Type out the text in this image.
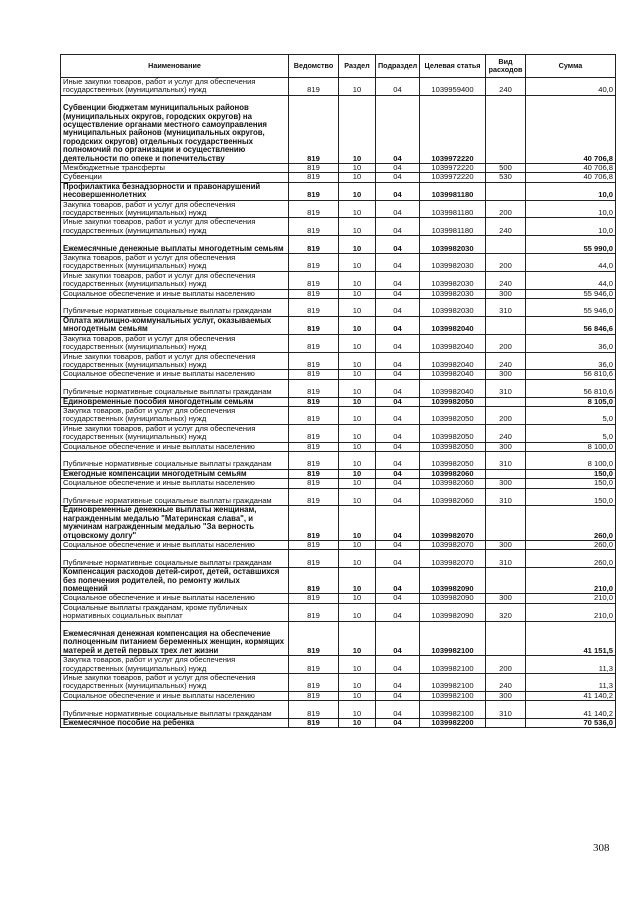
Наименование	Ведомство	Раздел	Подраздел	Целевая статья	Вид расходов	Сумма
Иные закупки товаров, работ и услуг для обеспечения государственных (муниципальных) нужд	819	10	04	1039959400	240	40,0
Субвенции бюджетам муниципальных районов (муниципальных округов, городских округов) на осуществление органами местного самоуправления муниципальных районов (муниципальных округов, городских округов) отдельных государственных полномочий по организации и осуществлению деятельности по опеке и попечительству	819	10	04	1039972220		40 706,8
Межбюджетные трансферты	819	10	04	1039972220	500	40 706,8
Субвенции	819	10	04	1039972220	530	40 706,8
Профилактика безнадзорности и правонарушений несовершеннолетних	819	10	04	1039981180		10,0
Закупка товаров, работ и услуг для обеспечения государственных (муниципальных) нужд	819	10	04	1039981180	200	10,0
Иные закупки товаров, работ и услуг для обеспечения государственных (муниципальных) нужд	819	10	04	1039981180	240	10,0
Ежемесячные денежные выплаты многодетным семьям	819	10	04	1039982030		55 990,0
Закупка товаров, работ и услуг для обеспечения государственных (муниципальных) нужд	819	10	04	1039982030	200	44,0
Иные закупки товаров, работ и услуг для обеспечения государственных (муниципальных) нужд	819	10	04	1039982030	240	44,0
Социальное обеспечение и иные выплаты населению	819	10	04	1039982030	300	55 946,0
Публичные нормативные социальные выплаты гражданам	819	10	04	1039982030	310	55 946,0
Оплата жилищно-коммунальных услуг, оказываемых многодетным семьям	819	10	04	1039982040		56 846,6
Закупка товаров, работ и услуг для обеспечения государственных (муниципальных) нужд	819	10	04	1039982040	200	36,0
Иные закупки товаров, работ и услуг для обеспечения государственных (муниципальных) нужд	819	10	04	1039982040	240	36,0
Социальное обеспечение и иные выплаты населению	819	10	04	1039982040	300	56 810,6
Публичные нормативные социальные выплаты гражданам	819	10	04	1039982040	310	56 810,6
Единовременные пособия многодетным семьям	819	10	04	1039982050		8 105,0
Закупка товаров, работ и услуг для обеспечения государственных (муниципальных) нужд	819	10	04	1039982050	200	5,0
Иные закупки товаров, работ и услуг для обеспечения государственных (муниципальных) нужд	819	10	04	1039982050	240	5,0
Социальное обеспечение и иные выплаты населению	819	10	04	1039982050	300	8 100,0
Публичные нормативные социальные выплаты гражданам	819	10	04	1039982050	310	8 100,0
Ежегодные компенсации многодетным семьям	819	10	04	1039982060		150,0
Социальное обеспечение и иные выплаты населению	819	10	04	1039982060	300	150,0
Публичные нормативные социальные выплаты гражданам	819	10	04	1039982060	310	150,0
Единовременные денежные выплаты женщинам, награжденным медалью "Материнская слава", и мужчинам награжденным медалью "За верность отцовскому долгу"	819	10	04	1039982070		260,0
Социальное обеспечение и иные выплаты населению	819	10	04	1039982070	300	260,0
Публичные нормативные социальные выплаты гражданам	819	10	04	1039982070	310	260,0
Компенсация расходов детей-сирот, детей, оставшихся без попечения родителей, по ремонту жилых помещений	819	10	04	1039982090		210,0
Социальное обеспечение и иные выплаты населению	819	10	04	1039982090	300	210,0
Социальные выплаты гражданам, кроме публичных нормативных социальных выплат	819	10	04	1039982090	320	210,0
Ежемесячная денежная компенсация на обеспечение полноценным питанием беременных женщин, кормящих матерей и детей первых трех лет жизни	819	10	04	1039982100		41 151,5
Закупка товаров, работ и услуг для обеспечения государственных (муниципальных) нужд	819	10	04	1039982100	200	11,3
Иные закупки товаров, работ и услуг для обеспечения государственных (муниципальных) нужд	819	10	04	1039982100	240	11,3
Социальное обеспечение и иные выплаты населению	819	10	04	1039982100	300	41 140,2
Публичные нормативные социальные выплаты гражданам	819	10	04	1039982100	310	41 140,2
Ежемесячное пособие на ребенка	819	10	04	1039982200		70 536,0
308
